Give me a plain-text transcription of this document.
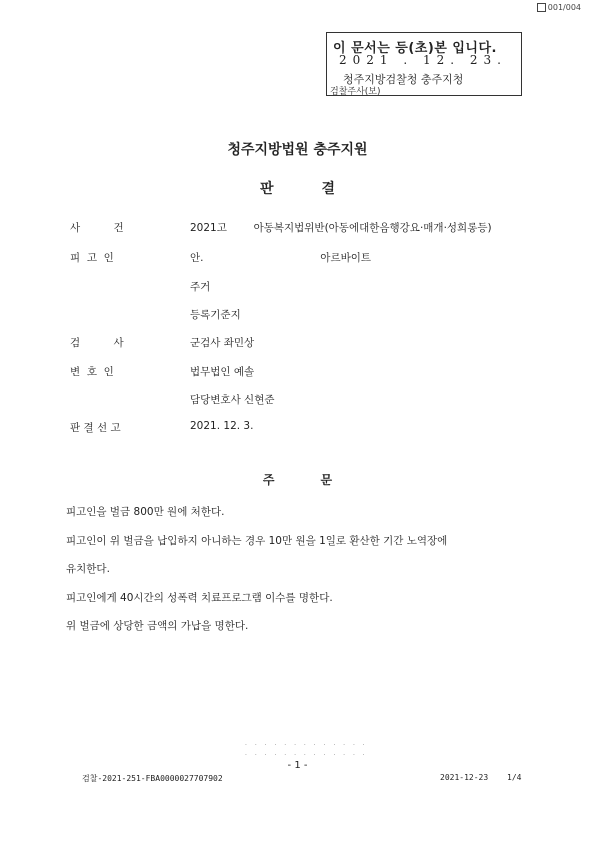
001/004
이 문서는 등(초)본 입니다.
2021 . 12. 23.
청주지방검찰청 충주지청
검찰주사(보)
청주지방법원 충주지원
판	결
사          건	2021고        아동복지법위반(아동에대한음행강요·매개·성희롱등)
피  고  인	안.                                   아르바이트
주거
등록기준지
검          사	군검사 좌민상
변  호  인	법무법인 예솔
담당변호사 신현준
판 결 선 고	2021. 12. 3.
주	문
피고인을 벌금 800만 원에 처한다.
피고인이 위 벌금을 납입하지 아니하는 경우 10만 원을 1일로 환산한 기간 노역장에
유치한다.
피고인에게 40시간의 성폭력 치료프로그램 이수를 명한다.
위 벌금에 상당한 금액의 가납을 명한다.
· · · · · · · · · · · · ·
· · · · · · · · · · · · ·
- 1 -
검찰-2021-251-FBA0000027707902	2021-12-23 1/4
